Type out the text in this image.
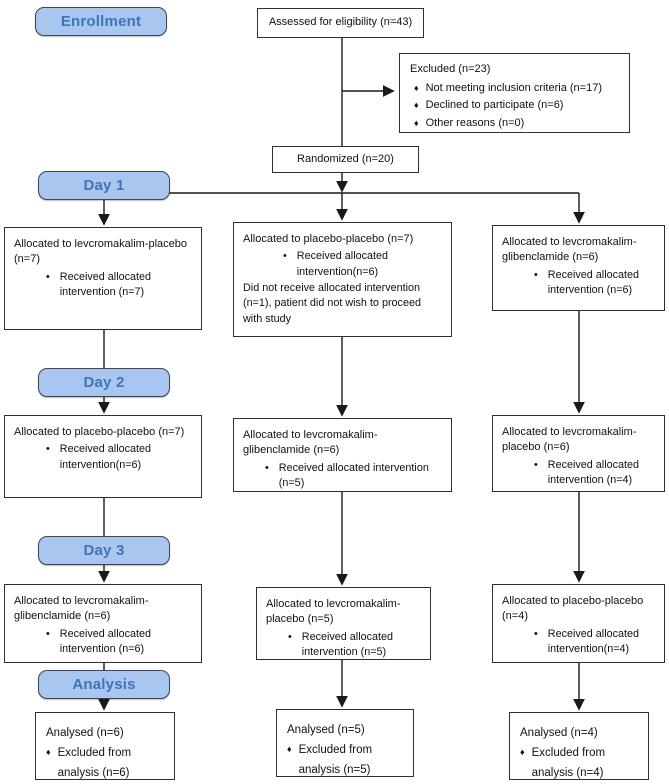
Enrollment
Day 1
Day 2
Day 3
Analysis
Assessed for eligibility (n=43)
Excluded (n=23)
♦ Not meeting inclusion criteria (n=17)
♦ Declined to participate (n=6)
♦ Other reasons (n=0)
Randomized (n=20)
Allocated to levcromakalim-placebo (n=7)
• Received allocated intervention (n=7)
Allocated to placebo-placebo (n=7)
• Received allocated intervention(n=6)
Did not receive allocated intervention (n=1), patient did not wish to proceed with study
Allocated to levcromakalim-glibenclamide (n=6)
• Received allocated intervention (n=6)
Allocated to placebo-placebo (n=7)
• Received allocated intervention(n=6)
Allocated to levcromakalim-glibenclamide (n=6)
• Received allocated intervention (n=5)
Allocated to levcromakalim-placebo (n=6)
• Received allocated intervention (n=4)
Allocated to levcromakalim-glibenclamide (n=6)
• Received allocated intervention (n=6)
Allocated to levcromakalim-placebo (n=5)
• Received allocated intervention (n=5)
Allocated to placebo-placebo (n=4)
• Received allocated intervention(n=4)
Analysed (n=6)
♦ Excluded from analysis (n=6)
Analysed (n=5)
♦ Excluded from analysis (n=5)
Analysed (n=4)
♦ Excluded from analysis (n=4)
